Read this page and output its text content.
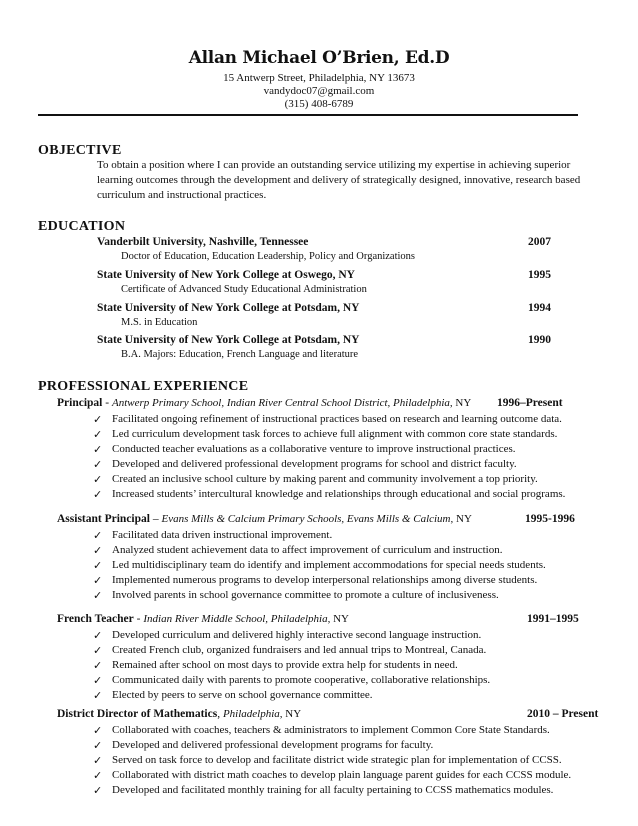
Allan Michael O’Brien, Ed.D
15 Antwerp Street, Philadelphia, NY 13673
vandydoc07@gmail.com
(315) 408-6789
OBJECTIVE
To obtain a position where I can provide an outstanding service utilizing my expertise in achieving superior learning outcomes through the development and delivery of strategically designed, innovative, research based curriculum and instructional practices.
EDUCATION
Vanderbilt University, Nashville, Tennessee	2007
Doctor of Education, Education Leadership, Policy and Organizations
State University of New York College at Oswego, NY	1995
Certificate of Advanced Study Educational Administration
State University of New York College at Potsdam, NY	1994
M.S. in Education
State University of New York College at Potsdam, NY	1990
B.A. Majors: Education, French Language and literature
PROFESSIONAL EXPERIENCE
Principal - Antwerp Primary School, Indian River Central School District, Philadelphia, NY 1996–Present
✓ Facilitated ongoing refinement of instructional practices based on research and learning outcome data.
✓ Led curriculum development task forces to achieve full alignment with common core state standards.
✓ Conducted teacher evaluations as a collaborative venture to improve instructional practices.
✓ Developed and delivered professional development programs for school and district faculty.
✓ Created an inclusive school culture by making parent and community involvement a top priority.
✓ Increased students’ intercultural knowledge and relationships through educational and social programs.
Assistant Principal – Evans Mills & Calcium Primary Schools, Evans Mills & Calcium, NY	1995-1996
✓ Facilitated data driven instructional improvement.
✓ Analyzed student achievement data to affect improvement of curriculum and instruction.
✓ Led multidisciplinary team do identify and implement accommodations for special needs students.
✓ Implemented numerous programs to develop interpersonal relationships among diverse students.
✓ Involved parents in school governance committee to promote a culture of inclusiveness.
French Teacher - Indian River Middle School, Philadelphia, NY	1991–1995
✓ Developed curriculum and delivered highly interactive second language instruction.
✓ Created French club, organized fundraisers and led annual trips to Montreal, Canada.
✓ Remained after school on most days to provide extra help for students in need.
✓ Communicated daily with parents to promote cooperative, collaborative relationships.
✓ Elected by peers to serve on school governance committee.
District Director of Mathematics, Philadelphia, NY	2010 – Present
✓ Collaborated with coaches, teachers & administrators to implement Common Core State Standards.
✓ Developed and delivered professional development programs for faculty.
✓ Served on task force to develop and facilitate district wide strategic plan for implementation of CCSS.
✓ Collaborated with district math coaches to develop plain language parent guides for each CCSS module.
✓ Developed and facilitated monthly training for all faculty pertaining to CCSS mathematics modules.
